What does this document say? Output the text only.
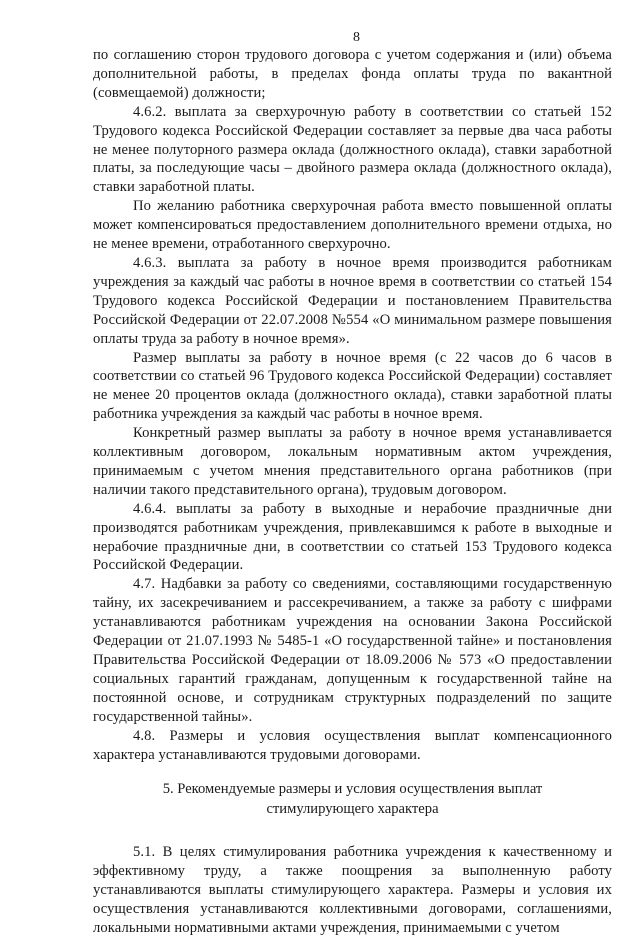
8

по соглашению сторон трудового договора с учетом содержания и (или) объема дополнительной работы, в пределах фонда оплаты труда по вакантной (совмещаемой) должности;

4.6.2. выплата за сверхурочную работу в соответствии со статьей 152 Трудового кодекса Российской Федерации составляет за первые два часа работы не менее полуторного размера оклада (должностного оклада), ставки заработной платы, за последующие часы – двойного размера оклада (должностного оклада), ставки заработной платы.

По желанию работника сверхурочная работа вместо повышенной оплаты может компенсироваться предоставлением дополнительного времени отдыха, но не менее времени, отработанного сверхурочно.

4.6.3. выплата за работу в ночное время производится работникам учреждения за каждый час работы в ночное время в соответствии со статьей 154 Трудового кодекса Российской Федерации и постановлением Правительства Российской Федерации от 22.07.2008 №554 «О минимальном размере повышения оплаты труда за работу в ночное время».

Размер выплаты за работу в ночное время (с 22 часов до 6 часов в соответствии со статьей 96 Трудового кодекса Российской Федерации) составляет не менее 20 процентов оклада (должностного оклада), ставки заработной платы работника учреждения за каждый час работы в ночное время.

Конкретный размер выплаты за работу в ночное время устанавливается коллективным договором, локальным нормативным актом учреждения, принимаемым с учетом мнения представительного органа работников (при наличии такого представительного органа), трудовым договором.

4.6.4. выплаты за работу в выходные и нерабочие праздничные дни производятся работникам учреждения, привлекавшимся к работе в выходные и нерабочие праздничные дни, в соответствии со статьей 153 Трудового кодекса Российской Федерации.

4.7. Надбавки за работу со сведениями, составляющими государственную тайну, их засекречиванием и рассекречиванием, а также за работу с шифрами устанавливаются работникам учреждения на основании Закона Российской Федерации от 21.07.1993 № 5485-1 «О государственной тайне» и постановления Правительства Российской Федерации от 18.09.2006 № 573 «О предоставлении социальных гарантий гражданам, допущенным к государственной тайне на постоянной основе, и сотрудникам структурных подразделений по защите государственной тайны».

4.8. Размеры и условия осуществления выплат компенсационного характера устанавливаются трудовыми договорами.

5. Рекомендуемые размеры и условия осуществления выплат
стимулирующего характера

5.1. В целях стимулирования работника учреждения к качественному и эффективному труду, а также поощрения за выполненную работу устанавливаются выплаты стимулирующего характера. Размеры и условия их осуществления устанавливаются коллективными договорами, соглашениями, локальными нормативными актами учреждения, принимаемыми с учетом
